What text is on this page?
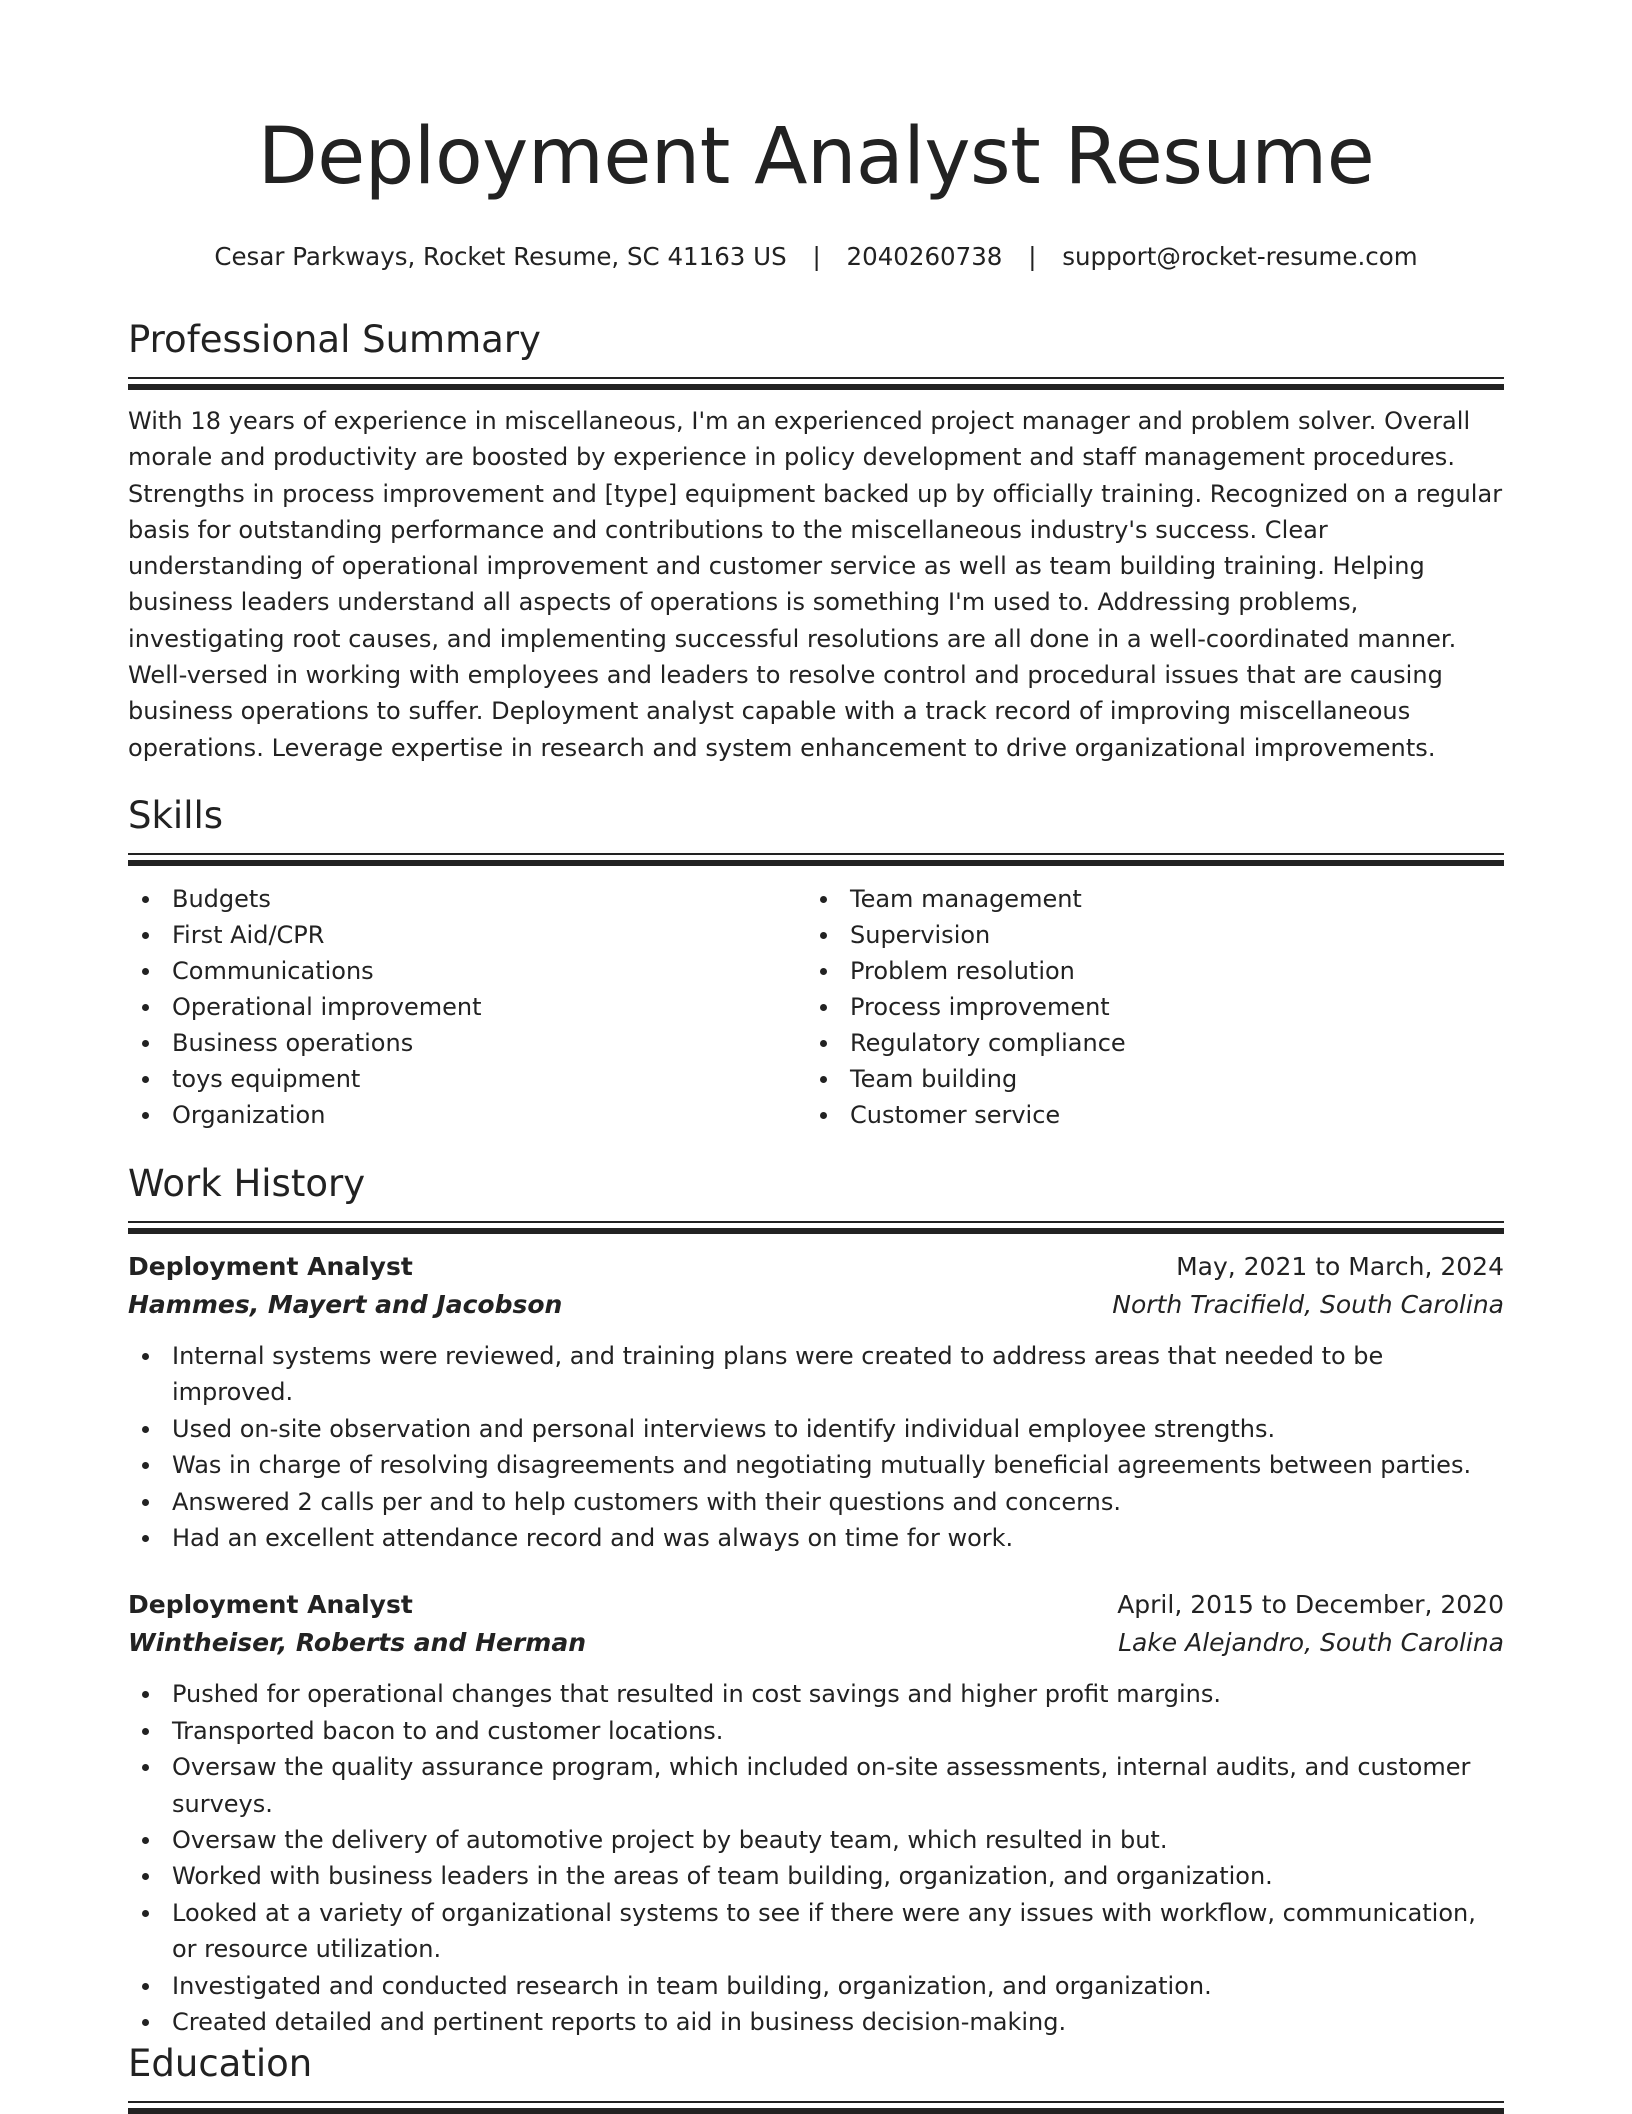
Deployment Analyst Resume
Cesar Parkways, Rocket Resume, SC 41163 US | 2040260738 | support@rocket-resume.com
Professional Summary

With 18 years of experience in miscellaneous, I'm an experienced project manager and problem solver. Overall morale and productivity are boosted by experience in policy development and staff management procedures. Strengths in process improvement and [type] equipment backed up by officially training. Recognized on a regular basis for outstanding performance and contributions to the miscellaneous industry's success. Clear understanding of operational improvement and customer service as well as team building training. Helping business leaders understand all aspects of operations is something I'm used to. Addressing problems, investigating root causes, and implementing successful resolutions are all done in a well-coordinated manner. Well-versed in working with employees and leaders to resolve control and procedural issues that are causing business operations to suffer. Deployment analyst capable with a track record of improving miscellaneous operations. Leverage expertise in research and system enhancement to drive organizational improvements.

Skills
Budgets
First Aid/CPR
Communications
Operational improvement
Business operations
toys equipment
Organization
Team management
Supervision
Problem resolution
Process improvement
Regulatory compliance
Team building
Customer service
Work History
Deployment Analyst	May, 2021 to March, 2024
Hammes, Mayert and Jacobson	North Tracifield, South Carolina
Internal systems were reviewed, and training plans were created to address areas that needed to be improved.
Used on-site observation and personal interviews to identify individual employee strengths.
Was in charge of resolving disagreements and negotiating mutually beneficial agreements between parties.
Answered 2 calls per and to help customers with their questions and concerns.
Had an excellent attendance record and was always on time for work.
Deployment Analyst	April, 2015 to December, 2020
Wintheiser, Roberts and Herman	Lake Alejandro, South Carolina
Pushed for operational changes that resulted in cost savings and higher profit margins.
Transported bacon to and customer locations.
Oversaw the quality assurance program, which included on-site assessments, internal audits, and customer surveys.
Oversaw the delivery of automotive project by beauty team, which resulted in but.
Worked with business leaders in the areas of team building, organization, and organization.
Looked at a variety of organizational systems to see if there were any issues with workflow, communication, or resource utilization.
Investigated and conducted research in team building, organization, and organization.
Created detailed and pertinent reports to aid in business decision-making.
Education
